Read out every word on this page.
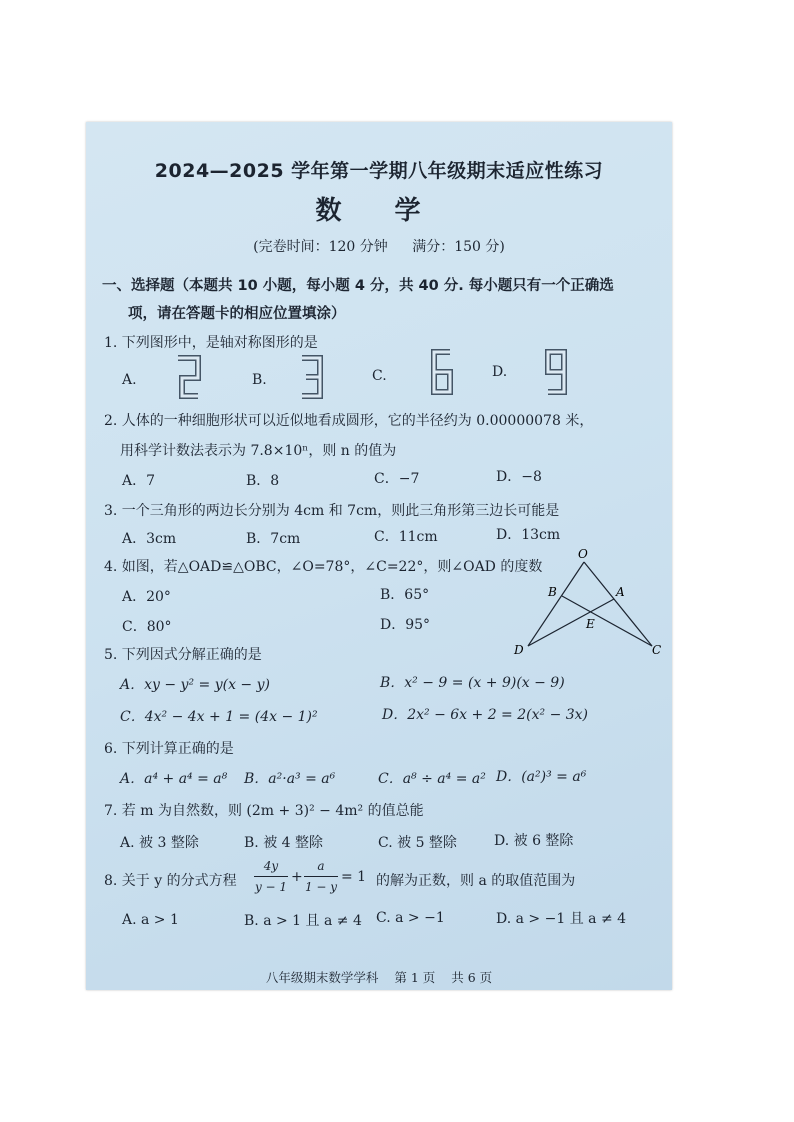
2024—2025 学年第一学期八年级期末适应性练习
数 学
(完卷时间：120 分钟 满分：150 分)
一、选择题（本题共 10 小题，每小题 4 分，共 40 分. 每小题只有一个正确选
项，请在答题卡的相应位置填涂）
1. 下列图形中，是轴对称图形的是
A.	B.	C.	D.
2. 人体的一种细胞形状可以近似地看成圆形，它的半径约为 0.00000078 米，
用科学计数法表示为 7.8×10ⁿ，则 n 的值为
A．7	B．8	C．−7	D．−8
3. 一个三角形的两边长分别为 4cm 和 7cm，则此三角形第三边长可能是
A．3cm	B．7cm	C．11cm	D．13cm
4. 如图，若△OAD≌△OBC，∠O=78°，∠C=22°，则∠OAD 的度数
A．20°	B．65°
C．80°	D．95°
O
B	A
E
D	C
5. 下列因式分解正确的是
A．xy − y² = y(x − y)	B．x² − 9 = (x + 9)(x − 9)
C．4x² − 4x + 1 = (4x − 1)²	D．2x² − 6x + 2 = 2(x² − 3x)
6. 下列计算正确的是
A．a⁴ + a⁴ = a⁸ B．a²·a³ = a⁶	C．a⁸ ÷ a⁴ = a² D．(a²)³ = a⁶
7. 若 m 为自然数，则 (2m + 3)² − 4m² 的值总能
A. 被 3 整除	B. 被 4 整除	C. 被 5 整除	D. 被 6 整除
8. 关于 y 的分式方程
4y
y − 1
+
a
1 − y
= 1 的解为正数，则 a 的取值范围为
A. a > 1	B. a > 1 且 a ≠ 4 C. a > −1	D. a > −1 且 a ≠ 4
八年级期末数学学科 第 1 页 共 6 页
